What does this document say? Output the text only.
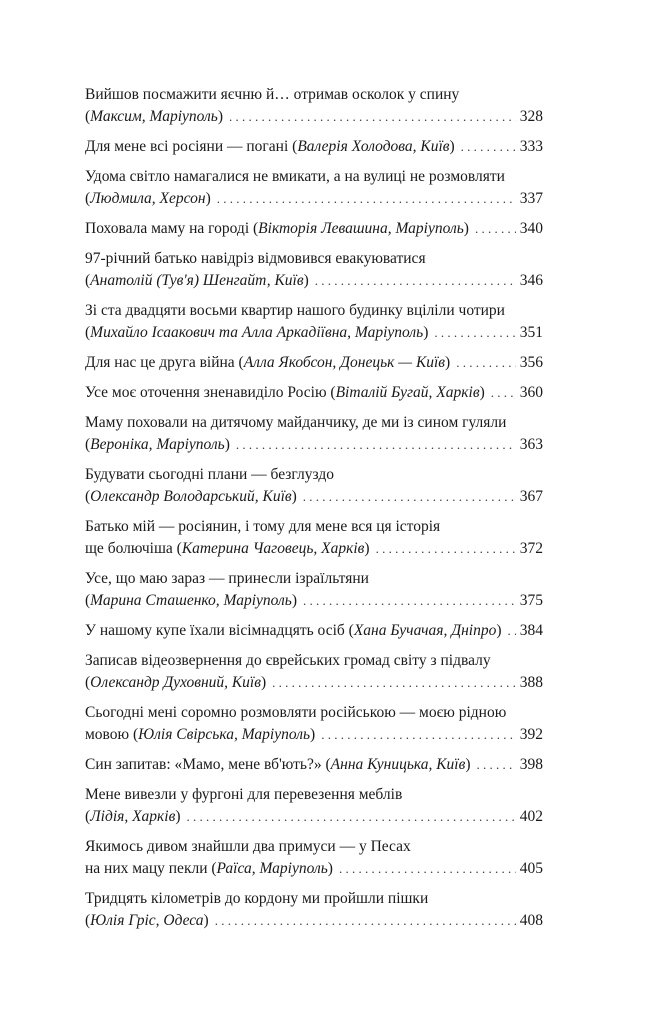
Вийшов посмажити яєчню й… отримав осколок у спину
(Максим, Маріуполь) . . .	328
Для мене всі росіяни — погані (Валерія Холодова, Київ) . . .	333
Удома світло намагалися не вмикати, а на вулиці не розмовляти
(Людмила, Херсон) . . .	337
Поховала маму на городі (Вікторія Левашина, Маріуполь) . . .	340
97-річний батько навідріз відмовився евакуюватися
(Анатолій (Тув'я) Шенгайт, Київ) . . .	346
Зі ста двадцяти восьми квартир нашого будинку вціліли чотири
(Михайло Ісаакович та Алла Аркадіївна, Маріуполь) . . .	351
Для нас це друга війна (Алла Якобсон, Донецьк — Київ) . . .	356
Усе моє оточення зненавиділо Росію (Віталій Бугай, Харків) . . . 360
Маму поховали на дитячому майданчику, де ми із сином гуляли
(Вероніка, Маріуполь) . . .	363
Будувати сьогодні плани — безглуздо
(Олександр Володарський, Київ) . . .	367
Батько мій — росіянин, і тому для мене вся ця історія
ще болючіша (Катерина Чаговець, Харків) . . .	372
Усе, що маю зараз — принесли ізраїльтяни
(Марина Сташенко, Маріуполь) . . .	375
У нашому купе їхали вісімнадцять осіб (Хана Бучачая, Дніпро) . . . 384
Записав відеозвернення до єврейських громад світу з підвалу
(Олександр Духовний, Київ) . . .	388
Сьогодні мені соромно розмовляти російською — моєю рідною
мовою (Юлія Свірська, Маріуполь) . . .	392
Син запитав: «Мамо, мене вб'ють?» (Анна Куницька, Київ) . . .	398
Мене вивезли у фургоні для перевезення меблів
(Лідія, Харків) . . .	402
Якимось дивом знайшли два примуси — у Песах
на них мацу пекли (Раїса, Маріуполь) . . .	405
Тридцять кілометрів до кордону ми пройшли пішки
(Юлія Гріс, Одеса) . . .	408
